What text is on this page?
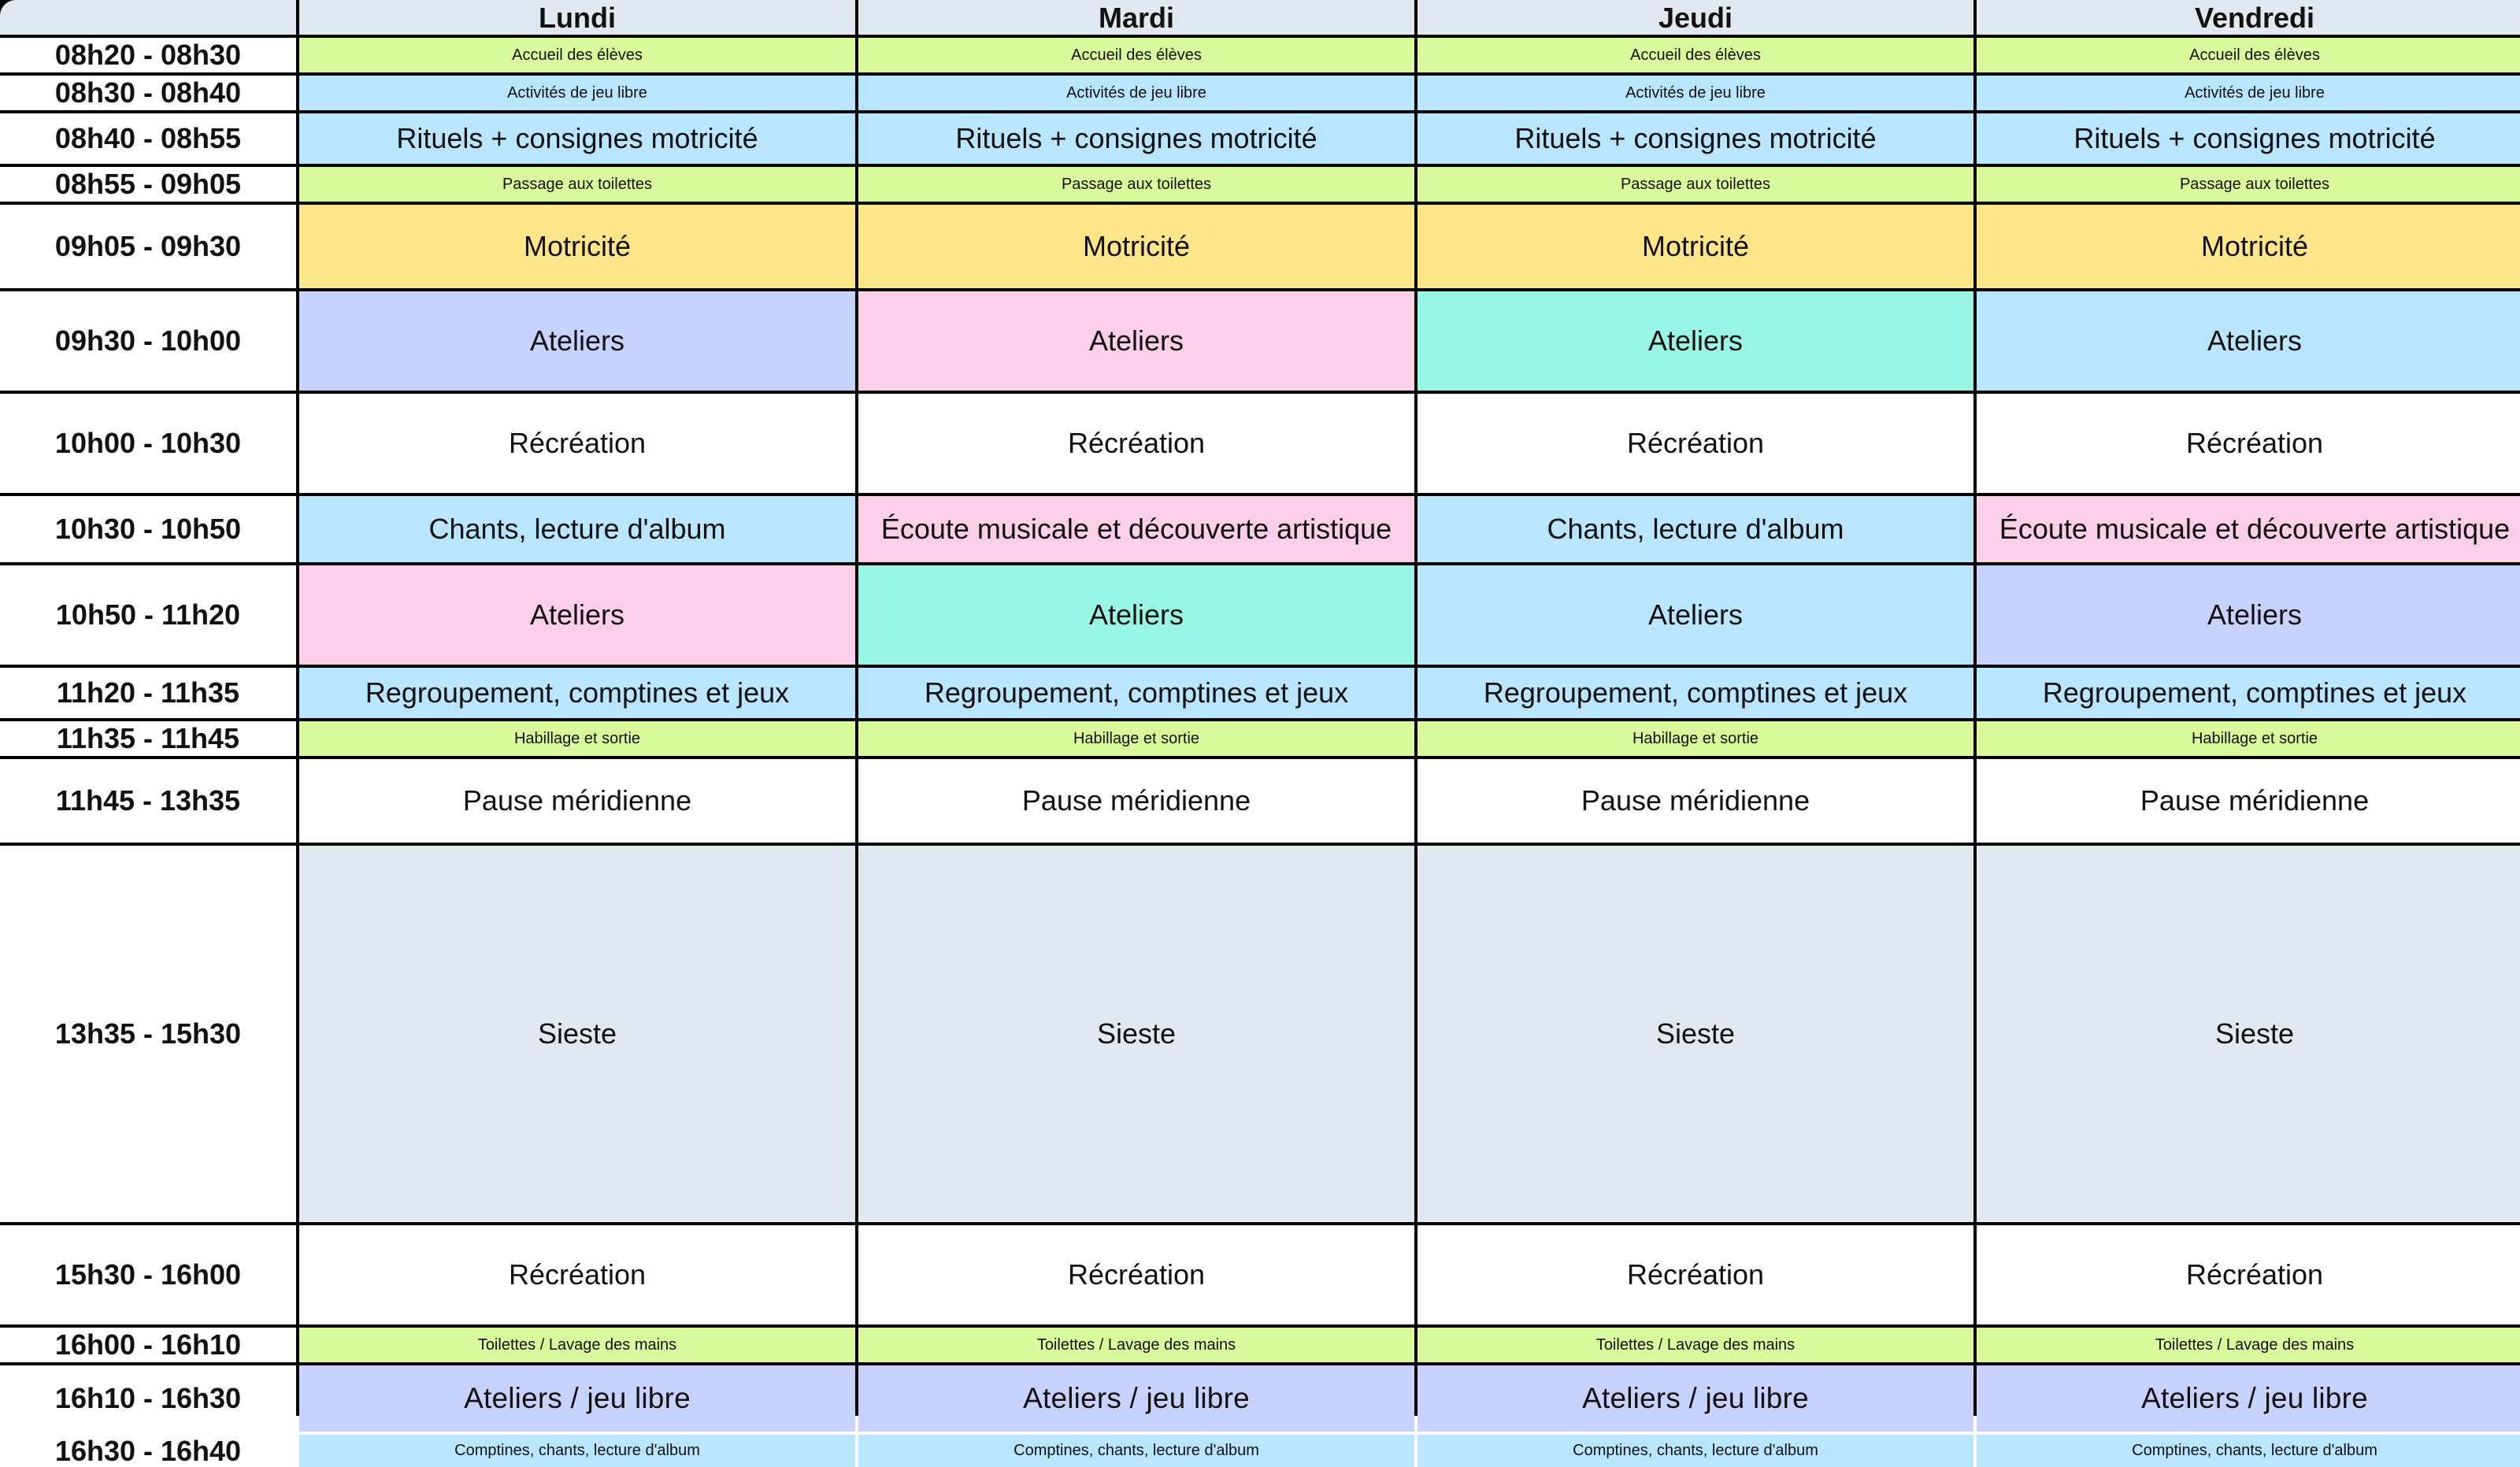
Lundi	Mardi	Jeudi	Vendredi
08h20 - 08h30	Accueil des élèves	Accueil des élèves	Accueil des élèves	Accueil des élèves
08h30 - 08h40	Activités de jeu libre	Activités de jeu libre	Activités de jeu libre	Activités de jeu libre
08h40 - 08h55	Rituels + consignes motricité	Rituels + consignes motricité	Rituels + consignes motricité	Rituels + consignes motricité
08h55 - 09h05	Passage aux toilettes	Passage aux toilettes	Passage aux toilettes	Passage aux toilettes
09h05 - 09h30	Motricité	Motricité	Motricité	Motricité
09h30 - 10h00	Ateliers	Ateliers	Ateliers	Ateliers
10h00 - 10h30	Récréation	Récréation	Récréation	Récréation
10h30 - 10h50	Chants, lecture d'album	Écoute musicale et découverte artistique	Chants, lecture d'album	Écoute musicale et découverte artistique
10h50 - 11h20	Ateliers	Ateliers	Ateliers	Ateliers
11h20 - 11h35	Regroupement, comptines et jeux	Regroupement, comptines et jeux	Regroupement, comptines et jeux	Regroupement, comptines et jeux
11h35 - 11h45	Habillage et sortie	Habillage et sortie	Habillage et sortie	Habillage et sortie
11h45 - 13h35	Pause méridienne	Pause méridienne	Pause méridienne	Pause méridienne
13h35 - 15h30	Sieste	Sieste	Sieste	Sieste
15h30 - 16h00	Récréation	Récréation	Récréation	Récréation
16h00 - 16h10	Toilettes / Lavage des mains	Toilettes / Lavage des mains	Toilettes / Lavage des mains	Toilettes / Lavage des mains
16h10 - 16h30	Ateliers / jeu libre	Ateliers / jeu libre	Ateliers / jeu libre	Ateliers / jeu libre
16h30 - 16h40	Comptines, chants, lecture d'album	Comptines, chants, lecture d'album	Comptines, chants, lecture d'album	Comptines, chants, lecture d'album
